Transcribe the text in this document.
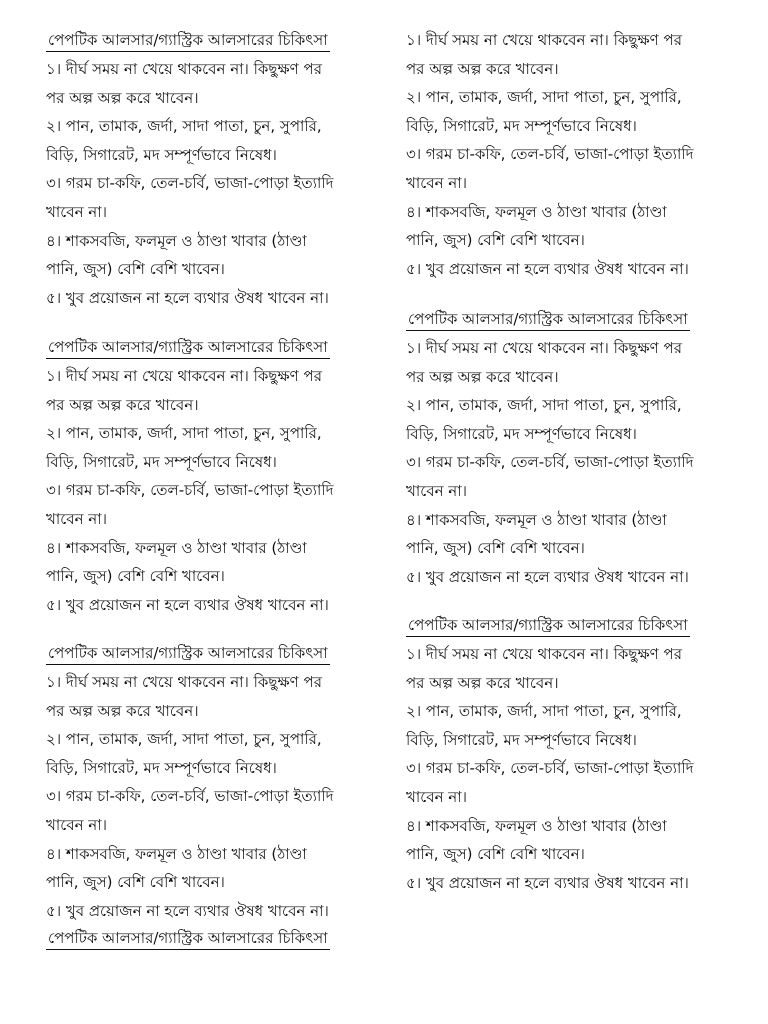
পেপটিক আলসার/গ্যাস্ট্রিক আলসারের চিকিৎসা
১। দীর্ঘ সময় না খেয়ে থাকবেন না। কিছুক্ষণ পর
পর অল্প অল্প করে খাবেন।
২। পান, তামাক, জর্দা, সাদা পাতা, চুন, সুপারি,
বিড়ি, সিগারেট, মদ সম্পূর্ণভাবে নিষেধ।
৩। গরম চা-কফি, তেল-চর্বি, ভাজা-পোড়া ইত্যাদি
খাবেন না।
৪। শাকসবজি, ফলমূল ও ঠাণ্ডা খাবার (ঠাণ্ডা
পানি, জুস) বেশি বেশি খাবেন।
৫। খুব প্রয়োজন না হলে ব্যথার ঔষধ খাবেন না।
পেপটিক আলসার/গ্যাস্ট্রিক আলসারের চিকিৎসা
১। দীর্ঘ সময় না খেয়ে থাকবেন না। কিছুক্ষণ পর
পর অল্প অল্প করে খাবেন।
২। পান, তামাক, জর্দা, সাদা পাতা, চুন, সুপারি,
বিড়ি, সিগারেট, মদ সম্পূর্ণভাবে নিষেধ।
৩। গরম চা-কফি, তেল-চর্বি, ভাজা-পোড়া ইত্যাদি
খাবেন না।
৪। শাকসবজি, ফলমূল ও ঠাণ্ডা খাবার (ঠাণ্ডা
পানি, জুস) বেশি বেশি খাবেন।
৫। খুব প্রয়োজন না হলে ব্যথার ঔষধ খাবেন না।
পেপটিক আলসার/গ্যাস্ট্রিক আলসারের চিকিৎসা
১। দীর্ঘ সময় না খেয়ে থাকবেন না। কিছুক্ষণ পর
পর অল্প অল্প করে খাবেন।
২। পান, তামাক, জর্দা, সাদা পাতা, চুন, সুপারি,
বিড়ি, সিগারেট, মদ সম্পূর্ণভাবে নিষেধ।
৩। গরম চা-কফি, তেল-চর্বি, ভাজা-পোড়া ইত্যাদি
খাবেন না।
৪। শাকসবজি, ফলমূল ও ঠাণ্ডা খাবার (ঠাণ্ডা
পানি, জুস) বেশি বেশি খাবেন।
৫। খুব প্রয়োজন না হলে ব্যথার ঔষধ খাবেন না।
পেপটিক আলসার/গ্যাস্ট্রিক আলসারের চিকিৎসা
১। দীর্ঘ সময় না খেয়ে থাকবেন না। কিছুক্ষণ পর
পর অল্প অল্প করে খাবেন।
২। পান, তামাক, জর্দা, সাদা পাতা, চুন, সুপারি,
বিড়ি, সিগারেট, মদ সম্পূর্ণভাবে নিষেধ।
৩। গরম চা-কফি, তেল-চর্বি, ভাজা-পোড়া ইত্যাদি
খাবেন না।
৪। শাকসবজি, ফলমূল ও ঠাণ্ডা খাবার (ঠাণ্ডা
পানি, জুস) বেশি বেশি খাবেন।
৫। খুব প্রয়োজন না হলে ব্যথার ঔষধ খাবেন না।
পেপটিক আলসার/গ্যাস্ট্রিক আলসারের চিকিৎসা
১। দীর্ঘ সময় না খেয়ে থাকবেন না। কিছুক্ষণ পর
পর অল্প অল্প করে খাবেন।
২। পান, তামাক, জর্দা, সাদা পাতা, চুন, সুপারি,
বিড়ি, সিগারেট, মদ সম্পূর্ণভাবে নিষেধ।
৩। গরম চা-কফি, তেল-চর্বি, ভাজা-পোড়া ইত্যাদি
খাবেন না।
৪। শাকসবজি, ফলমূল ও ঠাণ্ডা খাবার (ঠাণ্ডা
পানি, জুস) বেশি বেশি খাবেন।
৫। খুব প্রয়োজন না হলে ব্যথার ঔষধ খাবেন না।
পেপটিক আলসার/গ্যাস্ট্রিক আলসারের চিকিৎসা
১। দীর্ঘ সময় না খেয়ে থাকবেন না। কিছুক্ষণ পর
পর অল্প অল্প করে খাবেন।
২। পান, তামাক, জর্দা, সাদা পাতা, চুন, সুপারি,
বিড়ি, সিগারেট, মদ সম্পূর্ণভাবে নিষেধ।
৩। গরম চা-কফি, তেল-চর্বি, ভাজা-পোড়া ইত্যাদি
খাবেন না।
৪। শাকসবজি, ফলমূল ও ঠাণ্ডা খাবার (ঠাণ্ডা
পানি, জুস) বেশি বেশি খাবেন।
৫। খুব প্রয়োজন না হলে ব্যথার ঔষধ খাবেন না।
